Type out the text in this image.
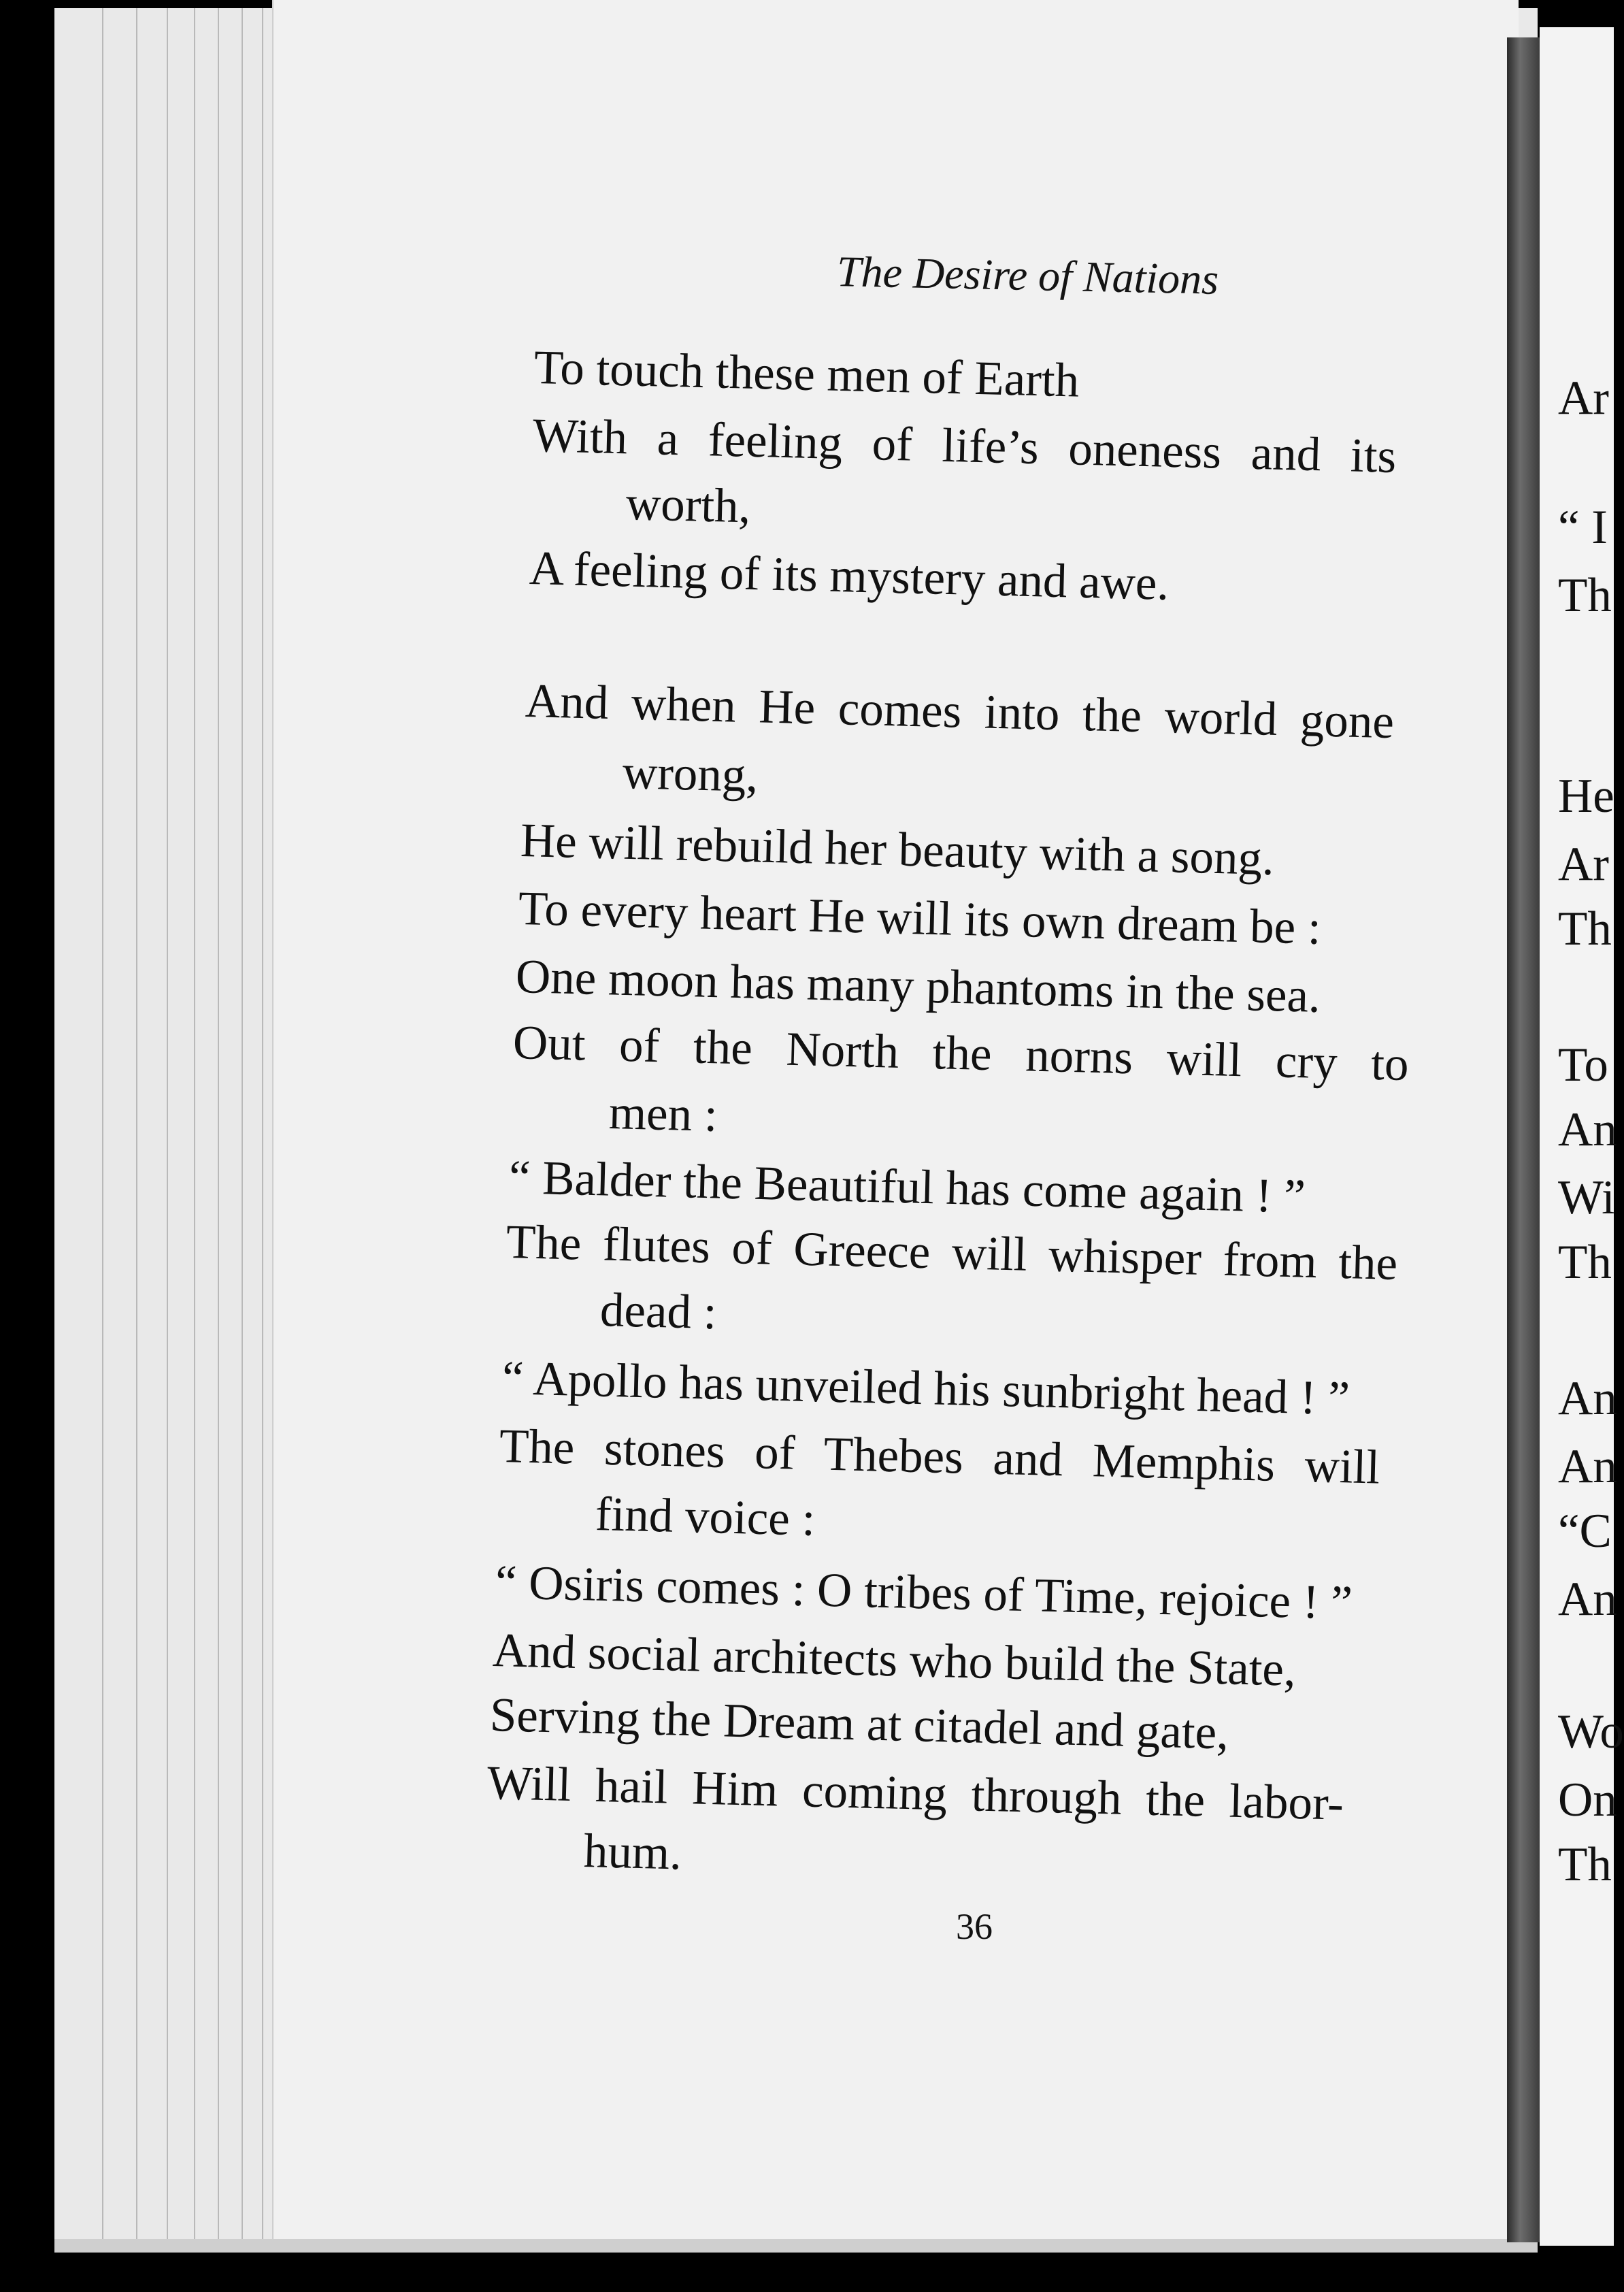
The Desire of Nations
To touch these men of Earth
With a feeling of life’s oneness and its
worth,
A feeling of its mystery and awe.
And when He comes into the world gone
wrong,
He will rebuild her beauty with a song.
To every heart He will its own dream be :
One moon has many phantoms in the sea.
Out of the North the norns will cry to
men :
“ Balder the Beautiful has come again ! ”
The flutes of Greece will whisper from the
dead :
“ Apollo has unveiled his sunbright head ! ”
The stones of Thebes and Memphis will
find voice :
“ Osiris comes : O tribes of Time, rejoice ! ”
And social architects who build the State,
Serving the Dream at citadel and gate,
Will hail Him coming through the labor-
hum.
36
Ar
“ I
Th
He
Ar
Th
To
An
Wi
Th
An
An
“C
An
Wo
On
Th
